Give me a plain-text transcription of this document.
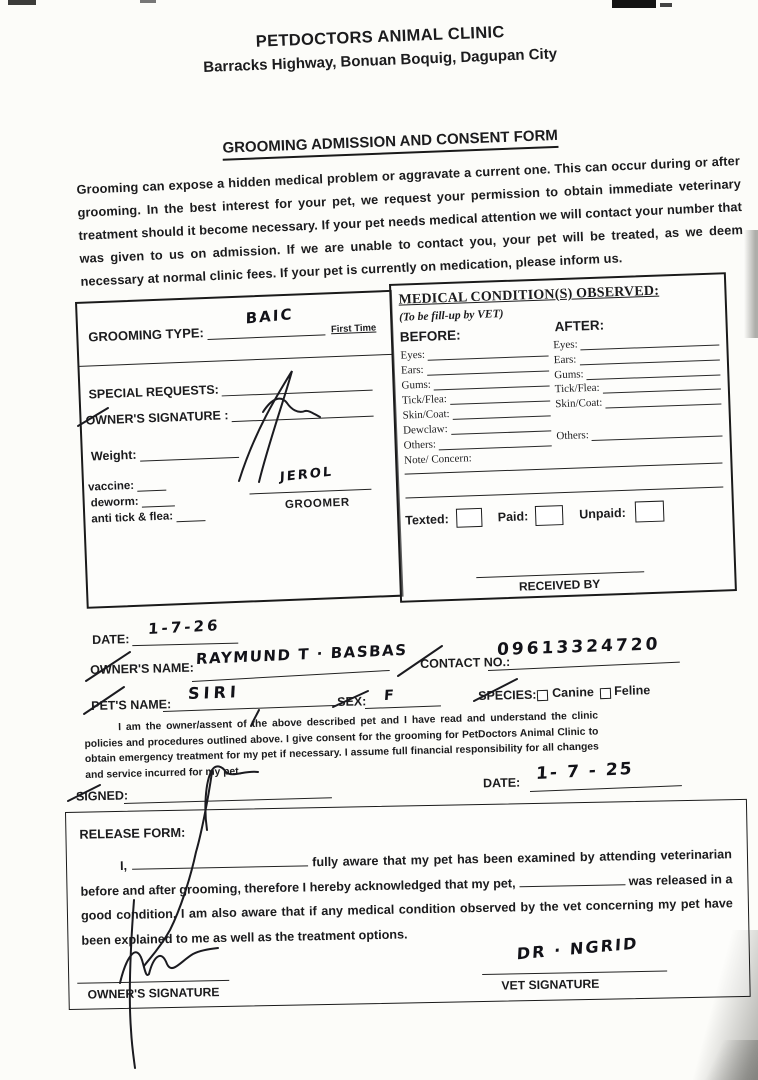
PETDOCTORS ANIMAL CLINIC
Barracks Highway, Bonuan Boquig, Dagupan City
GROOMING ADMISSION AND CONSENT FORM
Grooming can expose a hidden medical problem or aggravate a current one. This can occur during or after grooming. In the best interest for your pet, we request your permission to obtain immediate veterinary treatment should it become necessary. If your pet needs medical attention we will contact your number that was given to us on admission. If we are unable to contact you, your pet will be treated, as we deem necessary at normal clinic fees. If your pet is currently on medication, please inform us.
GROOMING TYPE:	First Time
BAIC
SPECIAL REQUESTS:
OWNER'S SIGNATURE :
Weight:
vaccine:
deworm:
anti tick & flea:
JEROL
GROOMER
MEDICAL CONDITION(S) OBSERVED:
(To be fill-up by VET)
BEFORE:
AFTER:
Eyes:
Ears:
Gums:
Tick/Flea:
Skin/Coat:
Dewclaw:
Others:
Eyes:
Ears:
Gums:
Tick/Flea:
Skin/Coat:
Others:
Note/ Concern:
Texted:	Paid:	Unpaid:
RECEIVED BY
DATE:
1-7-26
OWNER'S NAME:
RAYMUND T · BASBAS CONTACT NO.:
09613324720
PET'S NAME:
SIRI	SEX: F	SPECIES: Canine Feline
I am the owner/assent of the above described pet and I have read and understand the clinic policies and procedures outlined above. I give consent for the grooming for PetDoctors Animal Clinic to obtain emergency treatment for my pet if necessary. I assume full financial responsibility for all changes and service incurred for my pet.
SIGNED:
DATE: 1- 7 - 25
RELEASE FORM:
I,	fully aware that my pet has been examined by attending veterinarian before and after grooming, therefore I hereby acknowledged that my pet,	was released in a good condition, I am also aware that if any medical condition observed by the vet concerning my pet have been explained to me as well as the treatment options.
OWNER'S SIGNATURE
VET SIGNATURE
DR · NGRID
